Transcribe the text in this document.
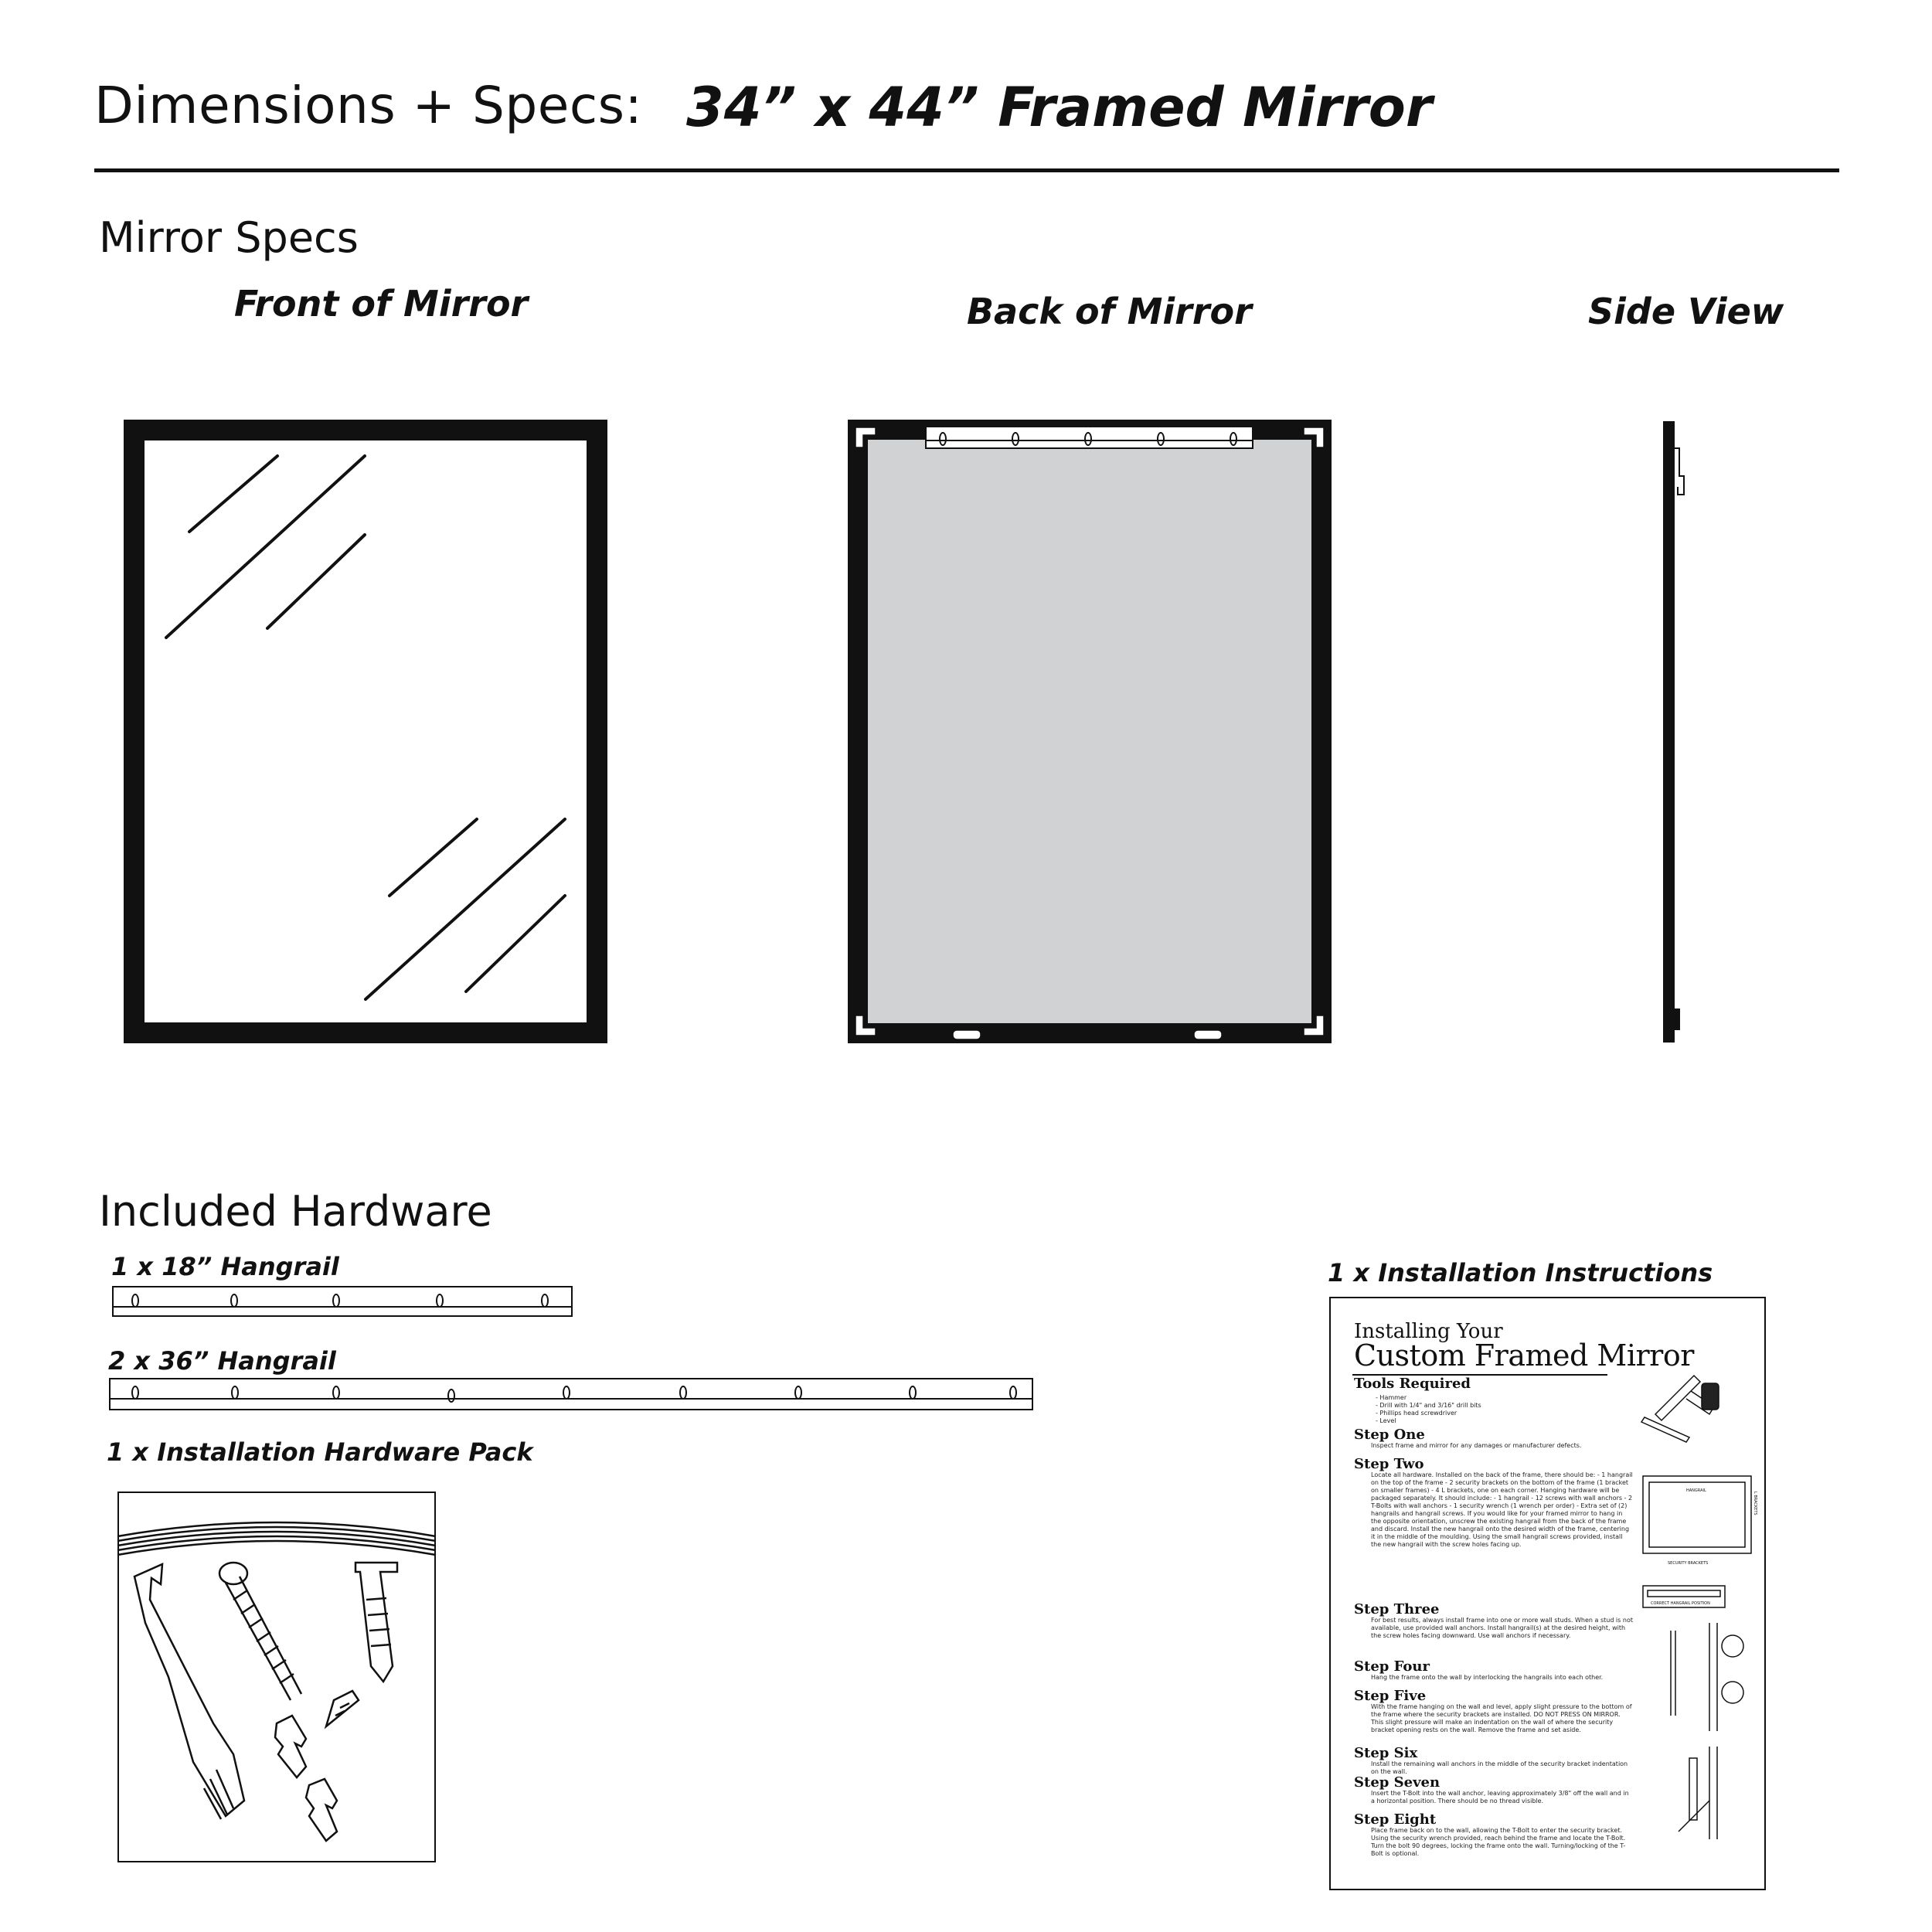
Dimensions + Specs: 34” x 44” Framed Mirror
Mirror Specs
Front of Mirror	Back of Mirror	Side View
Included Hardware
1 x 18” Hangrail
2 x 36” Hangrail
1 x Installation Hardware Pack
1 x Installation Instructions
Installing Your
Custom Framed Mirror
Tools Required
- Hammer
- Drill with 1/4" and 3/16" drill bits
- Phillips head screwdriver
- Level
Step One
Inspect frame and mirror for any damages or manufacturer defects.
Step Two
Locate all hardware. Installed on the back of the frame, there should be: - 1 hangrail on the top of the frame - 2 security brackets on the bottom of the frame (1 bracket on smaller frames) - 4 L brackets, one on each corner. Hanging hardware will be packaged separately. It should include: - 1 hangrail - 12 screws with wall anchors - 2 T-Bolts with wall anchors - 1 security wrench (1 wrench per order) - Extra set of (2) hangrails and hangrail screws. If you would like for your framed mirror to hang in the opposite orientation, unscrew the existing hangrail from the back of the frame and discard. Install the new hangrail onto the desired width of the frame, centering it in the middle of the moulding. Using the small hangrail screws provided, install the new hangrail with the screw holes facing up.
Step Three
For best results, always install frame into one or more wall studs. When a stud is not available, use provided wall anchors. Install hangrail(s) at the desired height, with the screw holes facing downward. Use wall anchors if necessary.
Step Four
Hang the frame onto the wall by interlocking the hangrails into each other.
Step Five
With the frame hanging on the wall and level, apply slight pressure to the bottom of the frame where the security brackets are installed. DO NOT PRESS ON MIRROR. This slight pressure will make an indentation on the wall of where the security bracket opening rests on the wall. Remove the frame and set aside.
Step Six
Install the remaining wall anchors in the middle of the security bracket indentation on the wall.
Step Seven
Insert the T-Bolt into the wall anchor, leaving approximately 3/8" off the wall and in a horizontal position. There should be no thread visible.
Step Eight
Place frame back on to the wall, allowing the T-Bolt to enter the security bracket. Using the security wrench provided, reach behind the frame and locate the T-Bolt. Turn the bolt 90 degrees, locking the frame onto the wall. Turning/locking of the T-Bolt is optional.
HANGRAIL
SECURITY BRACKETS
CORRECT HANGRAIL POSITION
L BRACKETS
